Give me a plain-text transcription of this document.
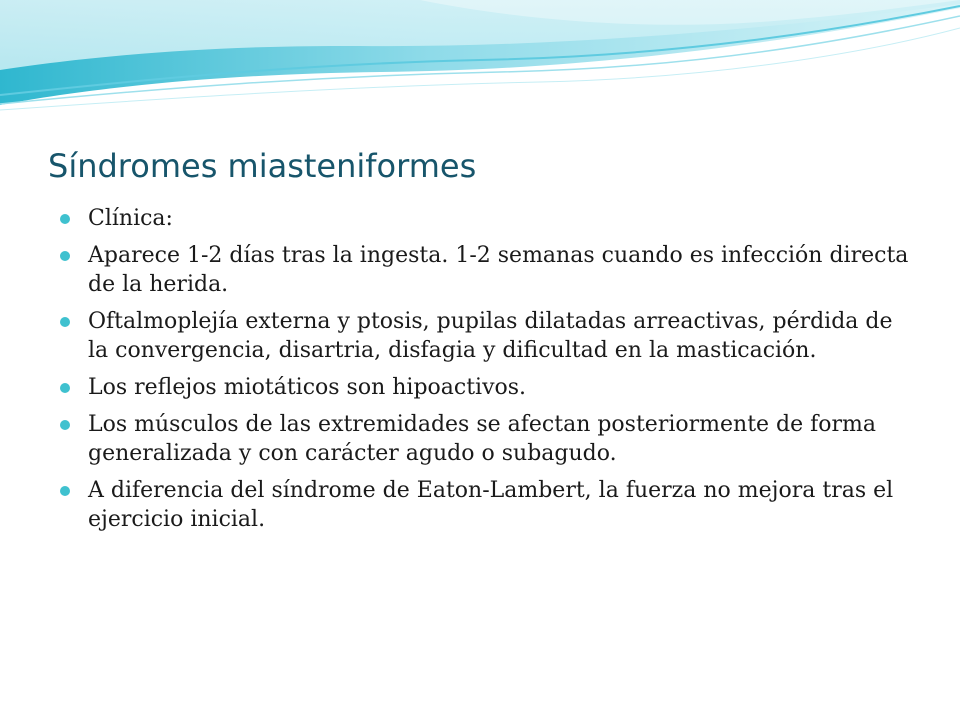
Síndromes miasteniformes
Clínica:
Aparece 1-2 días tras la ingesta. 1-2 semanas cuando es infección directa de la herida.
Oftalmoplejía externa y ptosis, pupilas dilatadas arreactivas, pérdida de la convergencia, disartria, disfagia y dificultad en la masticación.
Los reflejos miotáticos son hipoactivos.
Los músculos de las extremidades se afectan posteriormente de forma generalizada y con carácter agudo o subagudo.
A diferencia del síndrome de Eaton-Lambert, la fuerza no mejora tras el ejercicio inicial.
